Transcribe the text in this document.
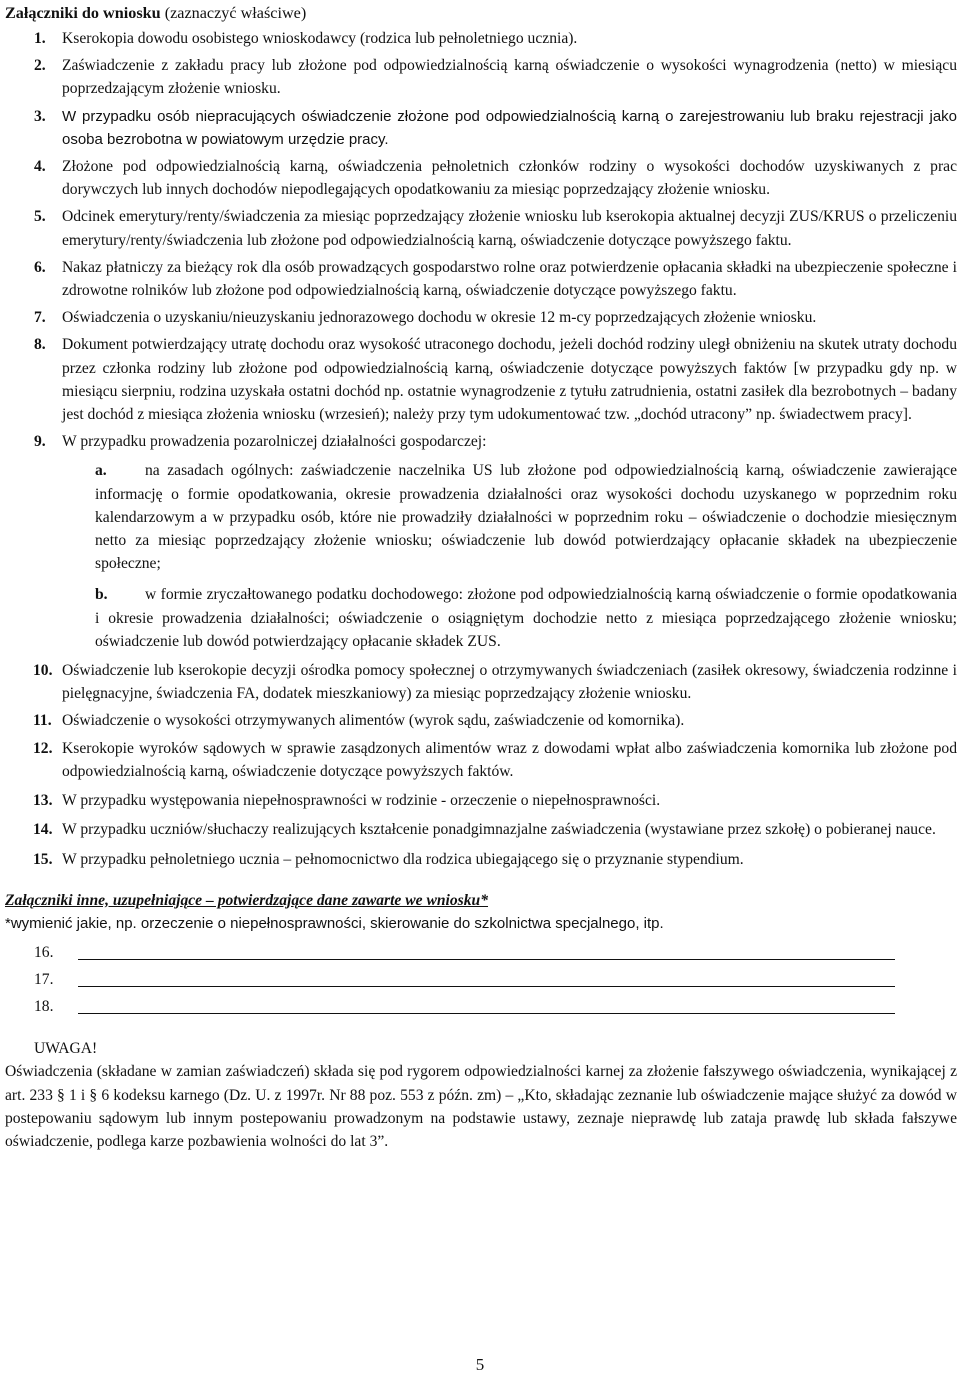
Załączniki do wniosku (zaznaczyć właściwe)
1. Kserokopia dowodu osobistego wnioskodawcy (rodzica lub pełnoletniego ucznia).
2. Zaświadczenie z zakładu pracy lub złożone pod odpowiedzialnością karną oświadczenie o wysokości wynagrodzenia (netto) w miesiącu poprzedzającym złożenie wniosku.
3. W przypadku osób niepracujących oświadczenie złożone pod odpowiedzialnością karną o zarejestrowaniu lub braku rejestracji jako osoba bezrobotna w powiatowym urzędzie pracy.
4. Złożone pod odpowiedzialnością karną, oświadczenia pełnoletnich członków rodziny o wysokości dochodów uzyskiwanych z prac dorywczych lub innych dochodów niepodlegających opodatkowaniu za miesiąc poprzedzający złożenie wniosku.
5. Odcinek emerytury/renty/świadczenia za miesiąc poprzedzający złożenie wniosku lub kserokopia aktualnej decyzji ZUS/KRUS o przeliczeniu emerytury/renty/świadczenia lub złożone pod odpowiedzialnością karną, oświadczenie dotyczące powyższego faktu.
6. Nakaz płatniczy za bieżący rok dla osób prowadzących gospodarstwo rolne oraz potwierdzenie opłacania składki na ubezpieczenie społeczne i zdrowotne rolników lub złożone pod odpowiedzialnością karną, oświadczenie dotyczące powyższego faktu.
7. Oświadczenia o uzyskaniu/nieuzyskaniu jednorazowego dochodu w okresie 12 m-cy poprzedzających złożenie wniosku.
8. Dokument potwierdzający utratę dochodu oraz wysokość utraconego dochodu, jeżeli dochód rodziny uległ obniżeniu na skutek utraty dochodu przez członka rodziny lub złożone pod odpowiedzialnością karną, oświadczenie dotyczące powyższych faktów [w przypadku gdy np. w miesiącu sierpniu, rodzina uzyskała ostatni dochód np. ostatnie wynagrodzenie z tytułu zatrudnienia, ostatni zasiłek dla bezrobotnych – badany jest dochód z miesiąca złożenia wniosku (wrzesień); należy przy tym udokumentować tzw. „dochód utracony” np. świadectwem pracy].
9. W przypadku prowadzenia pozarolniczej działalności gospodarczej:
a.	na zasadach ogólnych: zaświadczenie naczelnika US lub złożone pod odpowiedzialnością karną, oświadczenie zawierające informację o formie opodatkowania, okresie prowadzenia działalności oraz wysokości dochodu uzyskanego w poprzednim roku kalendarzowym a w przypadku osób, które nie prowadziły działalności w poprzednim roku – oświadczenie o dochodzie miesięcznym netto za miesiąc poprzedzający złożenie wniosku; oświadczenie lub dowód potwierdzający opłacanie składek na ubezpieczenie społeczne;
b.	w formie zryczałtowanego podatku dochodowego: złożone pod odpowiedzialnością karną oświadczenie o formie opodatkowania i okresie prowadzenia działalności; oświadczenie o osiągniętym dochodzie netto z miesiąca poprzedzającego złożenie wniosku; oświadczenie lub dowód potwierdzający opłacanie składek ZUS.
10. Oświadczenie lub kserokopie decyzji ośrodka pomocy społecznej o otrzymywanych świadczeniach (zasiłek okresowy, świadczenia rodzinne i pielęgnacyjne, świadczenia FA, dodatek mieszkaniowy) za miesiąc poprzedzający złożenie wniosku.
11. Oświadczenie o wysokości otrzymywanych alimentów (wyrok sądu, zaświadczenie od komornika).
12. Kserokopie wyroków sądowych w sprawie zasądzonych alimentów wraz z dowodami wpłat albo zaświadczenia komornika lub złożone pod odpowiedzialnością karną, oświadczenie dotyczące powyższych faktów.
13. W przypadku występowania niepełnosprawności w rodzinie - orzeczenie o niepełnosprawności.
14. W przypadku uczniów/słuchaczy realizujących kształcenie ponadgimnazjalne zaświadczenia (wystawiane przez szkołę) o pobieranej nauce.
15. W przypadku pełnoletniego ucznia – pełnomocnictwo dla rodzica ubiegającego się o przyznanie stypendium.
Załączniki inne, uzupełniające – potwierdzające dane zawarte we wniosku*
*wymienić jakie, np. orzeczenie o niepełnosprawności, skierowanie do szkolnictwa specjalnego, itp.
16.
17.
18.
UWAGA!
Oświadczenia (składane w zamian zaświadczeń) składa się pod rygorem odpowiedzialności karnej za złożenie fałszywego oświadczenia, wynikającej z art. 233 § 1 i § 6 kodeksu karnego (Dz. U. z 1997r. Nr 88 poz. 553 z późn. zm) – „Kto, składając zeznanie lub oświadczenie mające służyć za dowód w postepowaniu sądowym lub innym postepowaniu prowadzonym na podstawie ustawy, zeznaje nieprawdę lub zataja prawdę lub składa fałszywe oświadczenie, podlega karze pozbawienia wolności do lat 3”.
5
